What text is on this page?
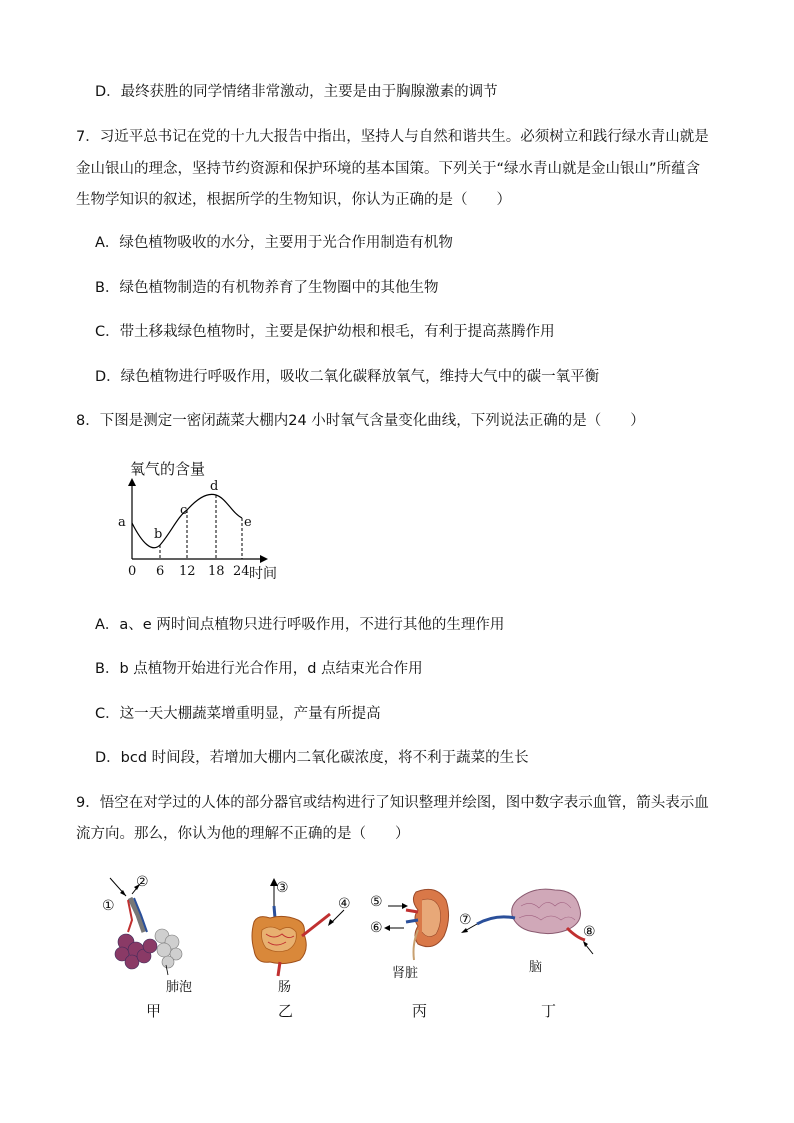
D．最终获胜的同学情绪非常激动，主要是由于胸腺激素的调节
7．习近平总书记在党的十九大报告中指出，坚持人与自然和谐共生。必须树立和践行绿水青山就是
金山银山的理念，坚持节约资源和保护环境的基本国策。下列关于“绿水青山就是金山银山”所蕴含
生物学知识的叙述，根据所学的生物知识，你认为正确的是（　　）
A．绿色植物吸收的水分，主要用于光合作用制造有机物
B．绿色植物制造的有机物养育了生物圈中的其他生物
C．带土移栽绿色植物时，主要是保护幼根和根毛，有利于提高蒸腾作用
D．绿色植物进行呼吸作用，吸收二氧化碳释放氧气，维持大气中的碳一氧平衡
8．下图是测定一密闭蔬菜大棚内24 小时氧气含量变化曲线，下列说法正确的是（　　）
氧气的含量
a
b
c
d
e
0 6 12 18 24 时间
A．a、e 两时间点植物只进行呼吸作用，不进行其他的生理作用
B．b 点植物开始进行光合作用，d 点结束光合作用
C．这一天大棚蔬菜增重明显，产量有所提高
D．bcd 时间段，若增加大棚内二氧化碳浓度，将不利于蔬菜的生长
9．悟空在对学过的人体的部分器官或结构进行了知识整理并绘图，图中数字表示血管，箭头表示血
流方向。那么，你认为他的理解不正确的是（　　）
①
②
肺泡
甲
③
④
肠
乙
⑤
⑥
肾脏
丙
⑦
⑧
脑
丁
